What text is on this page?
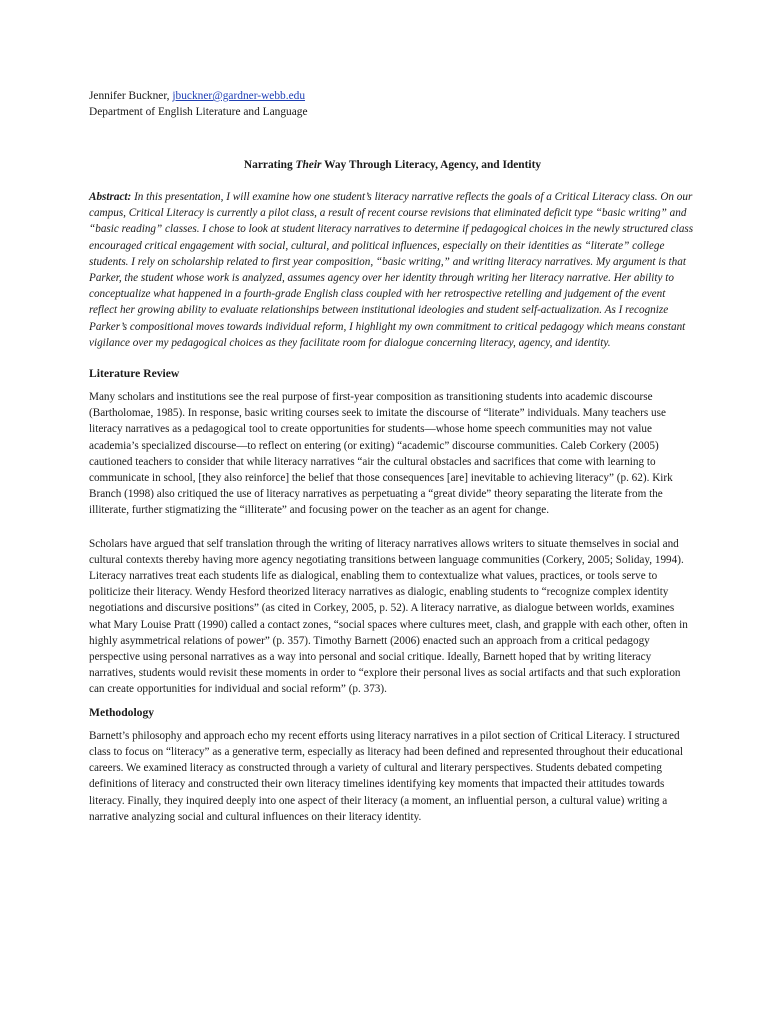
Jennifer Buckner, jbuckner@gardner-webb.edu

Department of English Literature and Language

Narrating Their Way Through Literacy, Agency, and Identity

Abstract: In this presentation, I will examine how one student’s literacy narrative reflects the goals of a Critical Literacy class. On our campus, Critical Literacy is currently a pilot class, a result of recent course revisions that eliminated deficit type “basic writing” and “basic reading” classes. I chose to look at student literacy narratives to determine if pedagogical choices in the newly structured class encouraged critical engagement with social, cultural, and political influences, especially on their identities as “literate” college students. I rely on scholarship related to first year composition, “basic writing,” and writing literacy narratives. My argument is that Parker, the student whose work is analyzed, assumes agency over her identity through writing her literacy narrative. Her ability to conceptualize what happened in a fourth-grade English class coupled with her retrospective retelling and judgement of the event reflect her growing ability to evaluate relationships between institutional ideologies and student self-actualization. As I recognize Parker’s compositional moves towards individual reform, I highlight my own commitment to critical pedagogy which means constant vigilance over my pedagogical choices as they facilitate room for dialogue concerning literacy, agency, and identity.

Literature Review

Many scholars and institutions see the real purpose of first-year composition as transitioning students into academic discourse (Bartholomae, 1985). In response, basic writing courses seek to imitate the discourse of “literate” individuals. Many teachers use literacy narratives as a pedagogical tool to create opportunities for students—whose home speech communities may not value academia’s specialized discourse—to reflect on entering (or exiting) “academic” discourse communities. Caleb Corkery (2005) cautioned teachers to consider that while literacy narratives “air the cultural obstacles and sacrifices that come with learning to communicate in school, [they also reinforce] the belief that those consequences [are] inevitable to achieving literacy” (p. 62). Kirk Branch (1998) also critiqued the use of literacy narratives as perpetuating a “great divide” theory separating the literate from the illiterate, further stigmatizing the “illiterate” and focusing power on the teacher as an agent for change.

Scholars have argued that self translation through the writing of literacy narratives allows writers to situate themselves in social and cultural contexts thereby having more agency negotiating transitions between language communities (Corkery, 2005; Soliday, 1994). Literacy narratives treat each students life as dialogical, enabling them to contextualize what values, practices, or tools serve to politicize their literacy. Wendy Hesford theorized literacy narratives as dialogic, enabling students to “recognize complex identity negotiations and discursive positions” (as cited in Corkey, 2005, p. 52). A literacy narrative, as dialogue between worlds, examines what Mary Louise Pratt (1990) called a contact zones, “social spaces where cultures meet, clash, and grapple with each other, often in highly asymmetrical relations of power” (p. 357). Timothy Barnett (2006) enacted such an approach from a critical pedagogy perspective using personal narratives as a way into personal and social critique. Ideally, Barnett hoped that by writing literacy narratives, students would revisit these moments in order to “explore their personal lives as social artifacts and that such exploration can create opportunities for individual and social reform” (p. 373).

Methodology

Barnett’s philosophy and approach echo my recent efforts using literacy narratives in a pilot section of Critical Literacy. I structured class to focus on “literacy” as a generative term, especially as literacy had been defined and represented throughout their educational careers. We examined literacy as constructed through a variety of cultural and literary perspectives. Students debated competing definitions of literacy and constructed their own literacy timelines identifying key moments that impacted their attitudes towards literacy. Finally, they inquired deeply into one aspect of their literacy (a moment, an influential person, a cultural value) writing a narrative analyzing social and cultural influences on their literacy identity.
